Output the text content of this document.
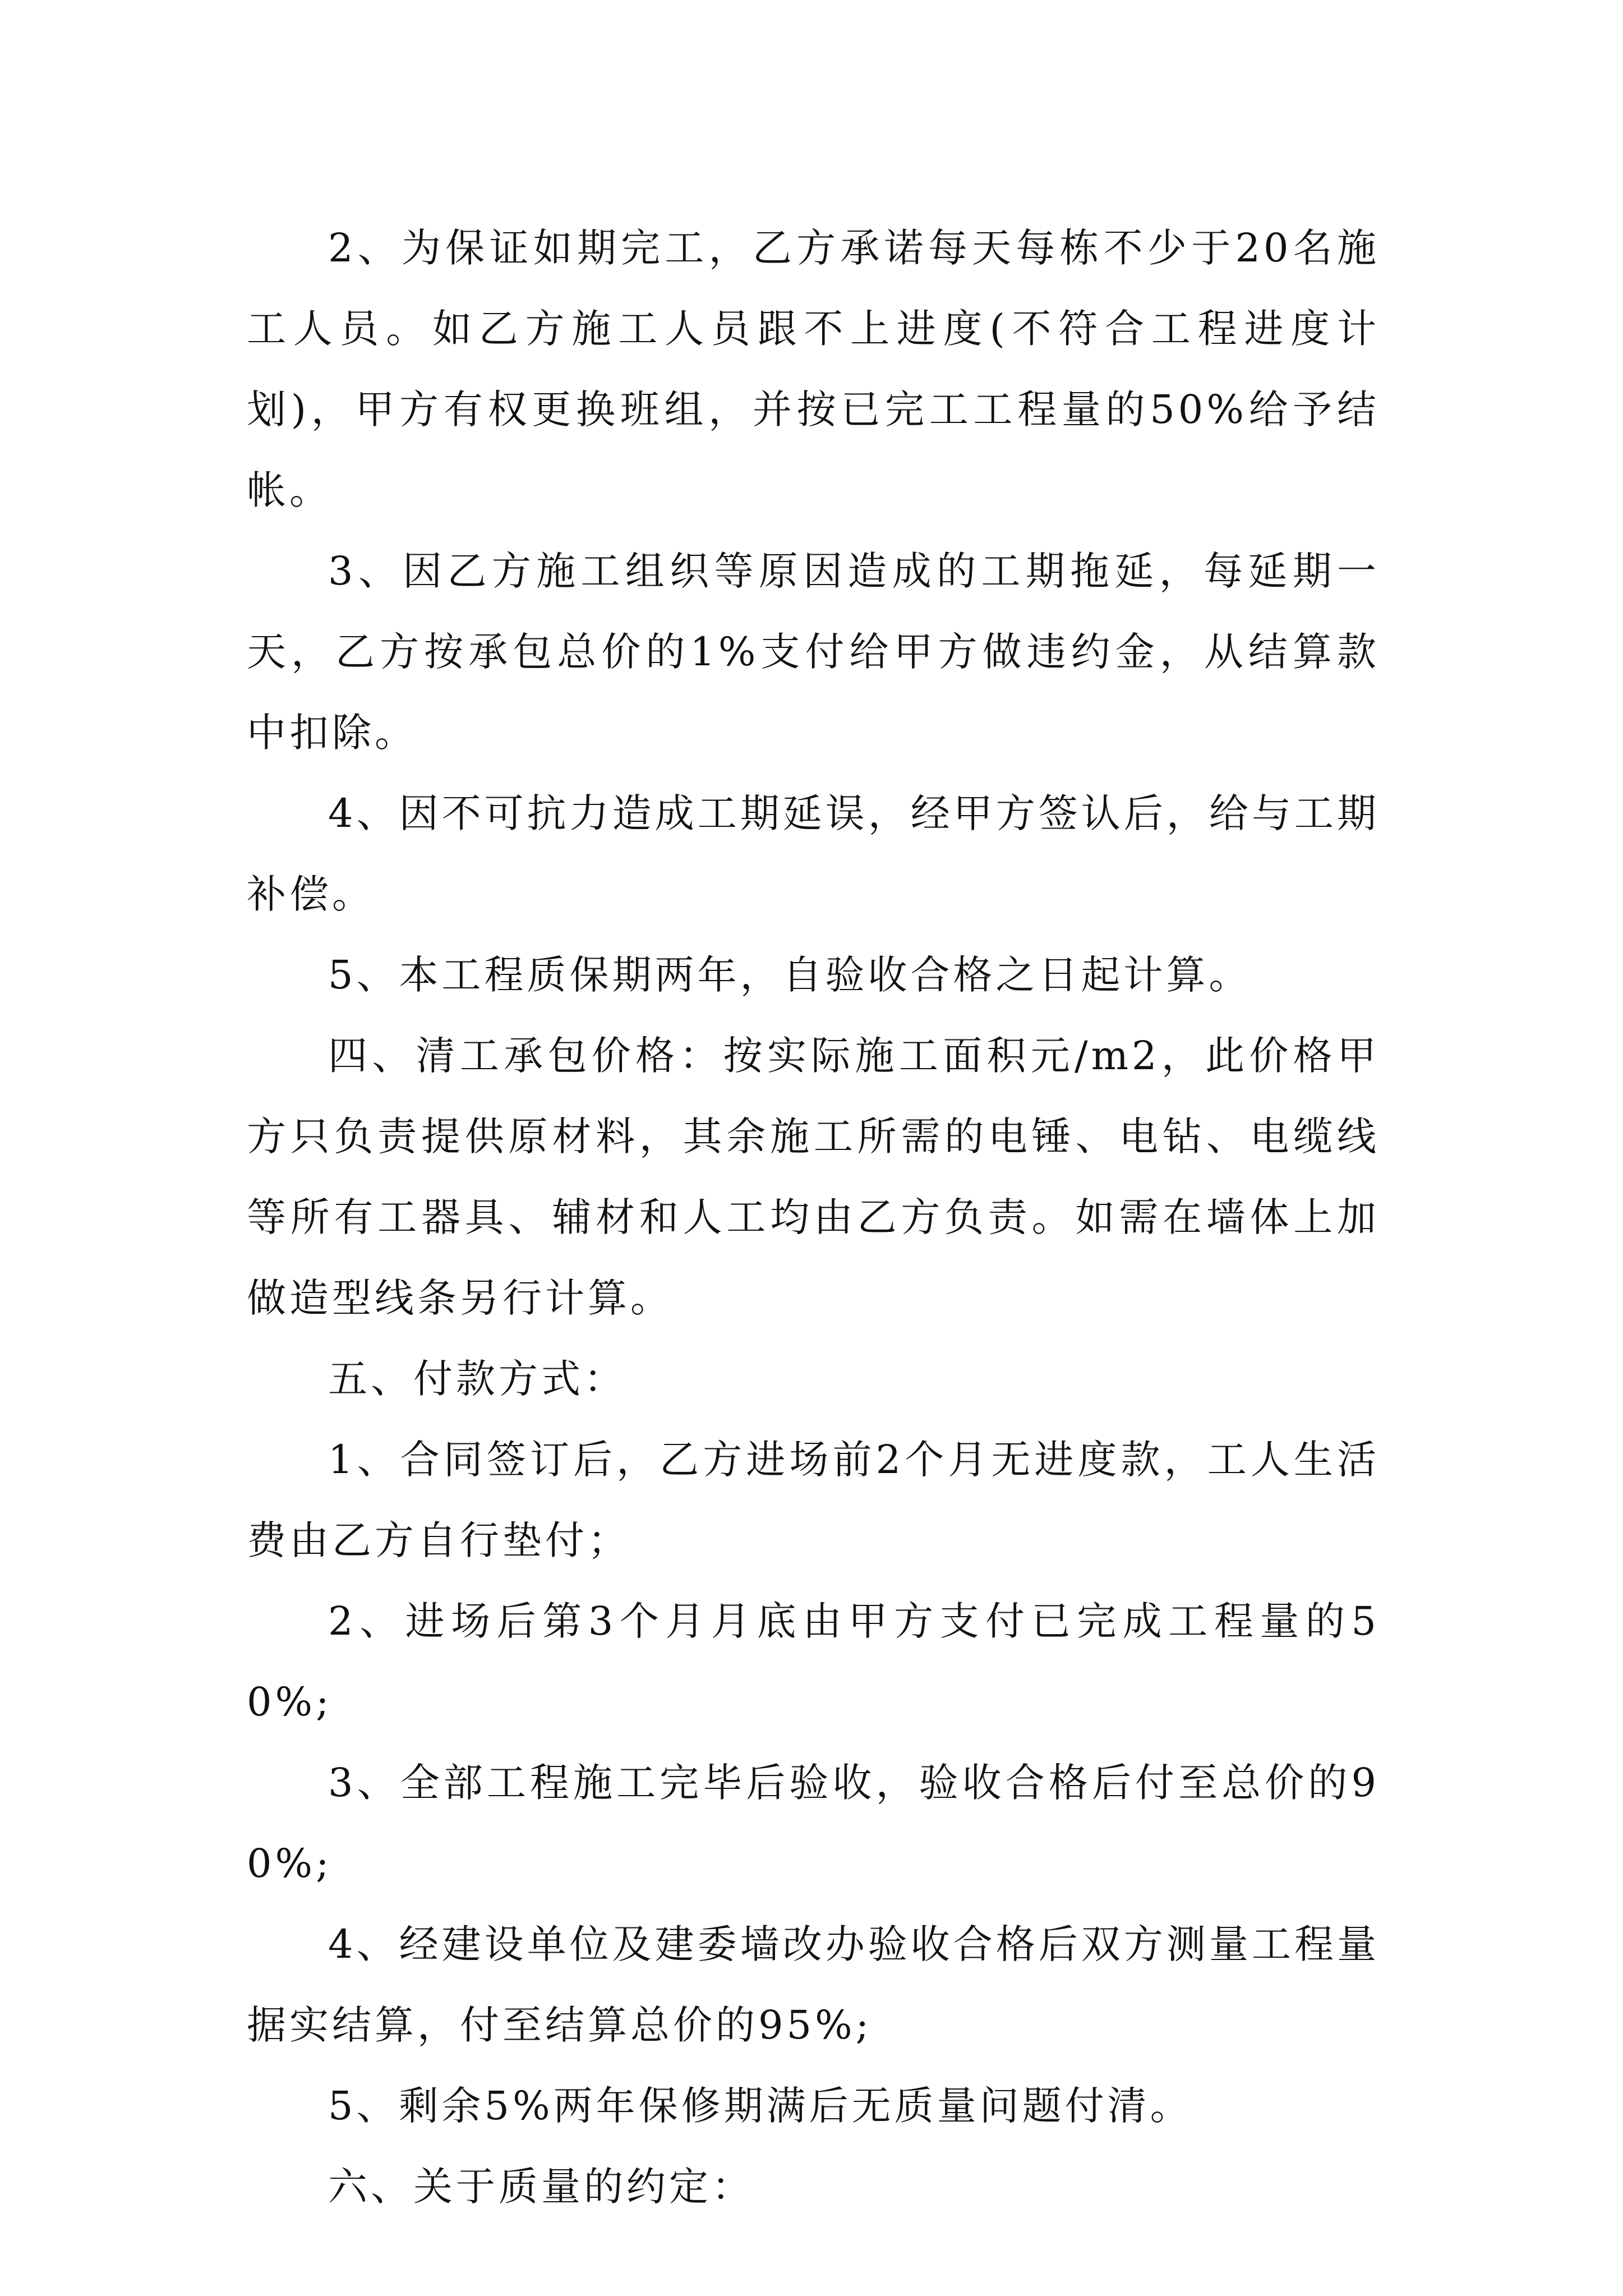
2、为保证如期完工，乙方承诺每天每栋不少于20名施工人员。如乙方施工人员跟不上进度(不符合工程进度计划)，甲方有权更换班组，并按已完工工程量的50%给予结帐。

3、因乙方施工组织等原因造成的工期拖延，每延期一天，乙方按承包总价的1%支付给甲方做违约金，从结算款中扣除。

4、因不可抗力造成工期延误，经甲方签认后，给与工期补偿。

5、本工程质保期两年，自验收合格之日起计算。

四、清工承包价格：按实际施工面积元/m2，此价格甲方只负责提供原材料，其余施工所需的电锤、电钻、电缆线等所有工器具、辅材和人工均由乙方负责。如需在墙体上加做造型线条另行计算。

五、付款方式：

1、合同签订后，乙方进场前2个月无进度款，工人生活费由乙方自行垫付；

2、进场后第3个月月底由甲方支付已完成工程量的50%;

3、全部工程施工完毕后验收，验收合格后付至总价的90%;

4、经建设单位及建委墙改办验收合格后双方测量工程量据实结算，付至结算总价的95%;

5、剩余5%两年保修期满后无质量问题付清。

六、关于质量的约定：
